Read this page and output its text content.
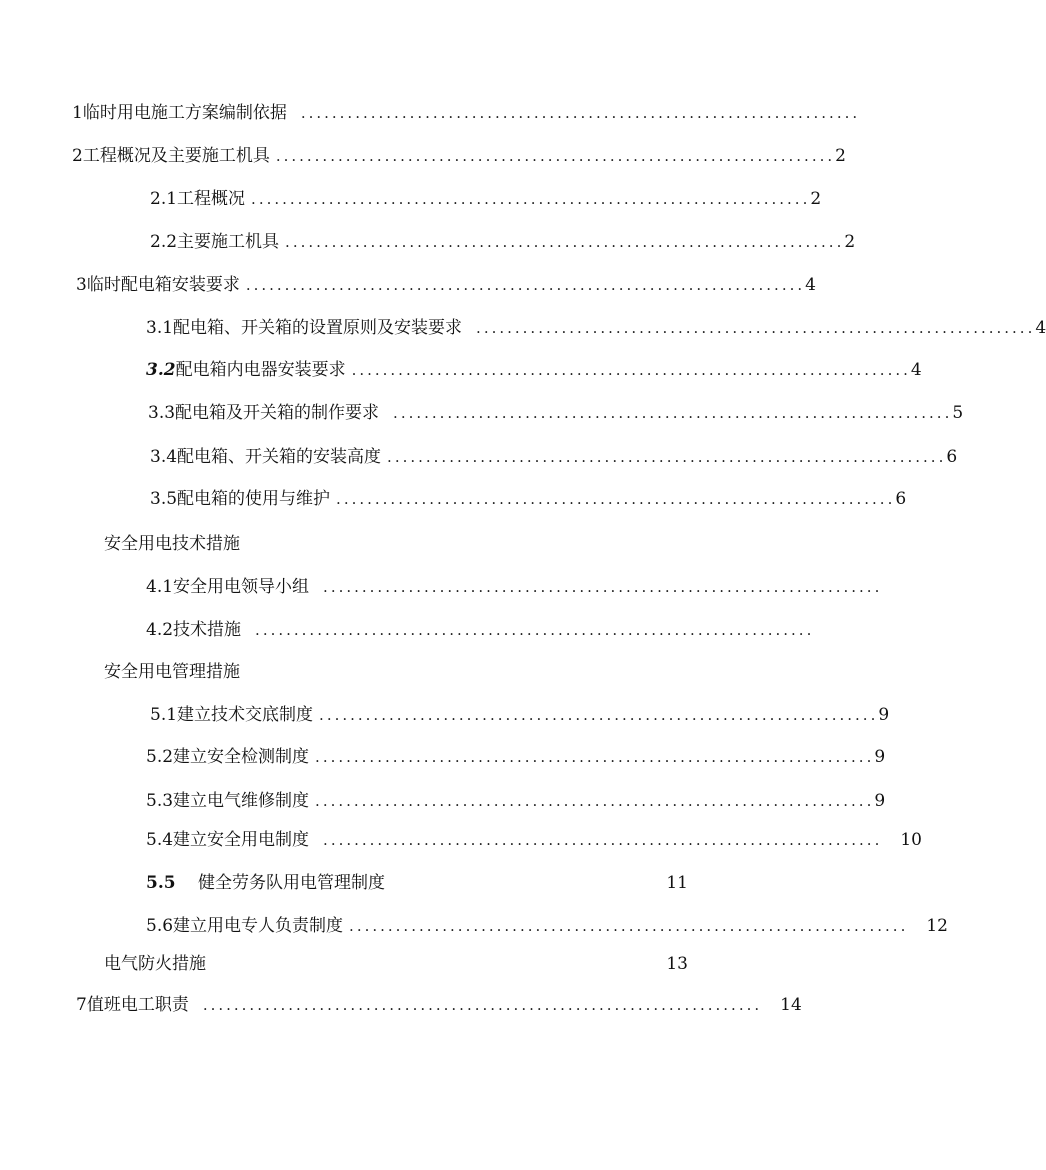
1 临时用电施工方案编制依据 ........................................................................
2 工程概况及主要施工机具 ........................................................................ 2
2.1 工程概况 ........................................................................ 2
2.2 主要施工机具 ........................................................................ 2
3 临时配电箱安装要求 ........................................................................ 4
3.1 配电箱、开关箱的设置原则及安装要求 ........................................................................ 4
3.2 配电箱内电器安装要求 ........................................................................ 4
3.3 配电箱及开关箱的制作要求 ........................................................................ 5
3.4 配电箱、开关箱的安装高度 ........................................................................ 6
3.5 配电箱的使用与维护 ........................................................................ 6
安全用电技术措施
4.1 安全用电领导小组 ........................................................................
4.2 技术措施 ........................................................................
安全用电管理措施
5.1 建立技术交底制度 ........................................................................ 9
5.2 建立安全检测制度 ........................................................................ 9
5.3 建立电气维修制度 ........................................................................ 9
5.4 建立安全用电制度 ........................................................................ 10
5.5	健全劳务队用电管理制度	11
5.6 建立用电专人负责制度 ........................................................................ 12
电气防火措施	13
7 值班电工职责 ........................................................................ 14
